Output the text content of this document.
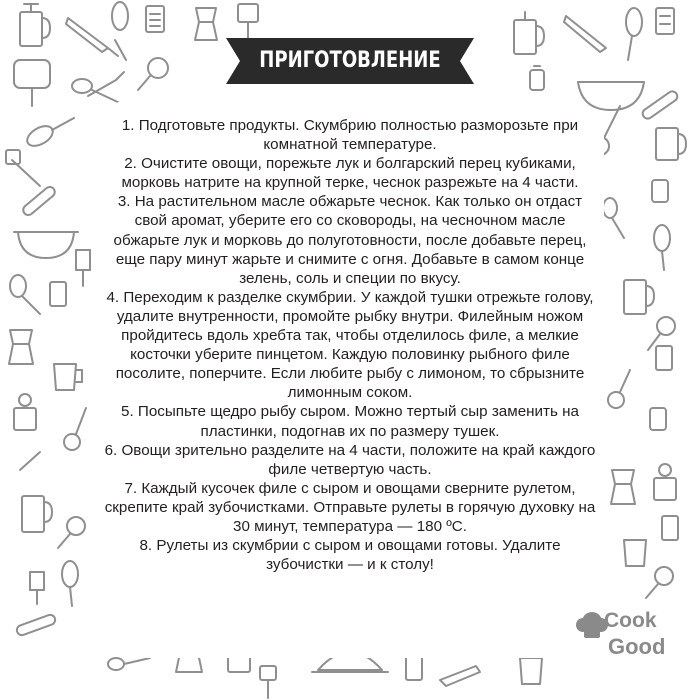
ПРИГОТОВЛЕНИЕ

1. Подготовьте продукты. Скумбрию полностью разморозьте при комнатной температуре.

2. Очистите овощи, порежьте лук и болгарский перец кубиками, морковь натрите на крупной терке, чеснок разрежьте на 4 части.

3. На растительном масле обжарьте чеснок. Как только он отдаст свой аромат, уберите его со сковороды, на чесночном масле обжарьте лук и морковь до полуготовности, после добавьте перец, еще пару минут жарьте и снимите с огня. Добавьте в самом конце зелень, соль и специи по вкусу.

4. Переходим к разделке скумбрии. У каждой тушки отрежьте голову, удалите внутренности, промойте рыбку внутри. Филейным ножом пройдитесь вдоль хребта так, чтобы отделилось филе, а мелкие косточки уберите пинцетом. Каждую половинку рыбного филе посолите, поперчите. Если любите рыбу с лимоном, то сбрызните лимонным соком.

5. Посыпьте щедро рыбу сыром. Можно тертый сыр заменить на пластинки, подогнав их по размеру тушек.

6. Овощи зрительно разделите на 4 части, положите на край каждого филе четвертую часть.

7. Каждый кусочек филе с сыром и овощами сверните рулетом, скрепите край зубочистками. Отправьте рулеты в горячую духовку на 30 минут, температура — 180 ºС.

8. Рулеты из скумбрии с сыром и овощами готовы. Удалите зубочистки — и к столу!

Cook
Good
